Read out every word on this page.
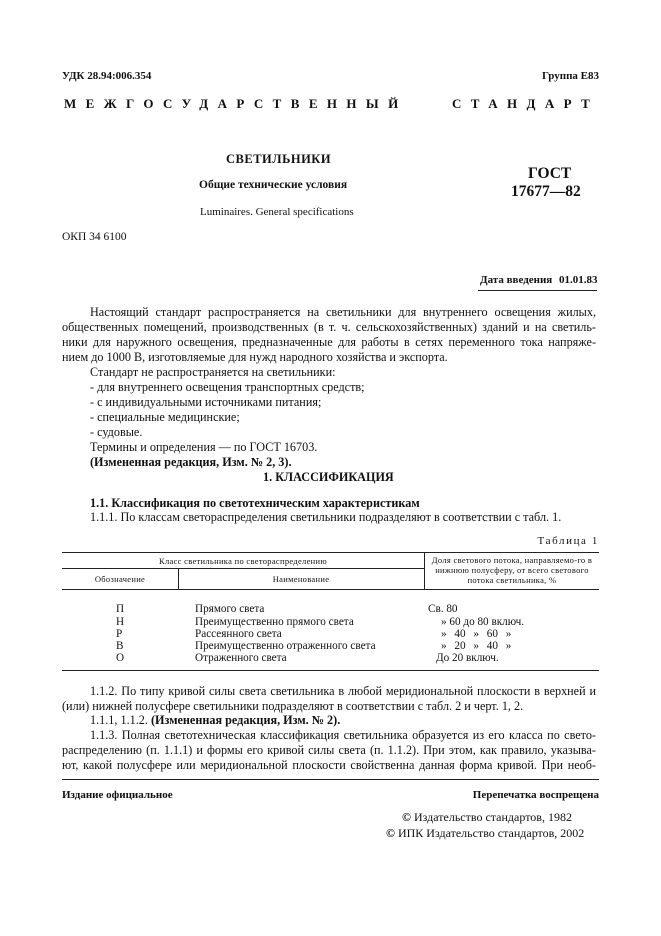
УДК 28.94:006.354	Группа Е83
МЕЖГОСУДАРСТВЕННЫЙ	СТАНДАРТ
СВЕТИЛЬНИКИ
Общие технические условия
Luminaires. General specifications
ГОСТ
17677—82
ОКП 34 6100
Дата введения 01.01.83
Настоящий стандарт распространяется на светильники для внутреннего освещения жилых,
общественных помещений, производственных (в т. ч. сельскохозяйственных) зданий и на светиль-
ники для наружного освещения, предназначенные для работы в сетях переменного тока напряже-
нием до 1000 В, изготовляемые для нужд народного хозяйства и экспорта.
Стандарт не распространяется на светильники:
- для внутреннего освещения транспортных средств;
- с индивидуальными источниками питания;
- специальные медицинские;
- судовые.
Термины и определения — по ГОСТ 16703.
(Измененная редакция, Изм. № 2, 3).
1. КЛАССИФИКАЦИЯ
1.1. Классификация по светотехническим характеристикам
1.1.1. По классам светораспределения светильники подразделяют в соответствии с табл. 1.
Таблица 1
Класс светильника по светораспределению
Обозначение	Наименование
Доля светового потока, направляемо-го в нижнюю полусферу, от всего светового потока светильника, %
П	Прямого света	Св. 80
Н	Преимущественно прямого света	» 60 до 80 включ.
Р	Рассеянного света	» 40 » 60 »
В	Преимущественно отраженного света	» 20 » 40 »
О	Отраженного света	До 20 включ.
1.1.2. По типу кривой силы света светильника в любой меридиональной плоскости в верхней и
(или) нижней полусфере светильники подразделяют в соответствии с табл. 2 и черт. 1, 2.
1.1.1, 1.1.2. (Измененная редакция, Изм. № 2).
1.1.3. Полная светотехническая классификация светильника образуется из его класса по свето-
распределению (п. 1.1.1) и формы его кривой силы света (п. 1.1.2). При этом, как правило, указыва-
ют, какой полусфере или меридиональной плоскости свойственна данная форма кривой. При необ-
Издание официальное	Перепечатка воспрещена
© Издательство стандартов, 1982
© ИПК Издательство стандартов, 2002
